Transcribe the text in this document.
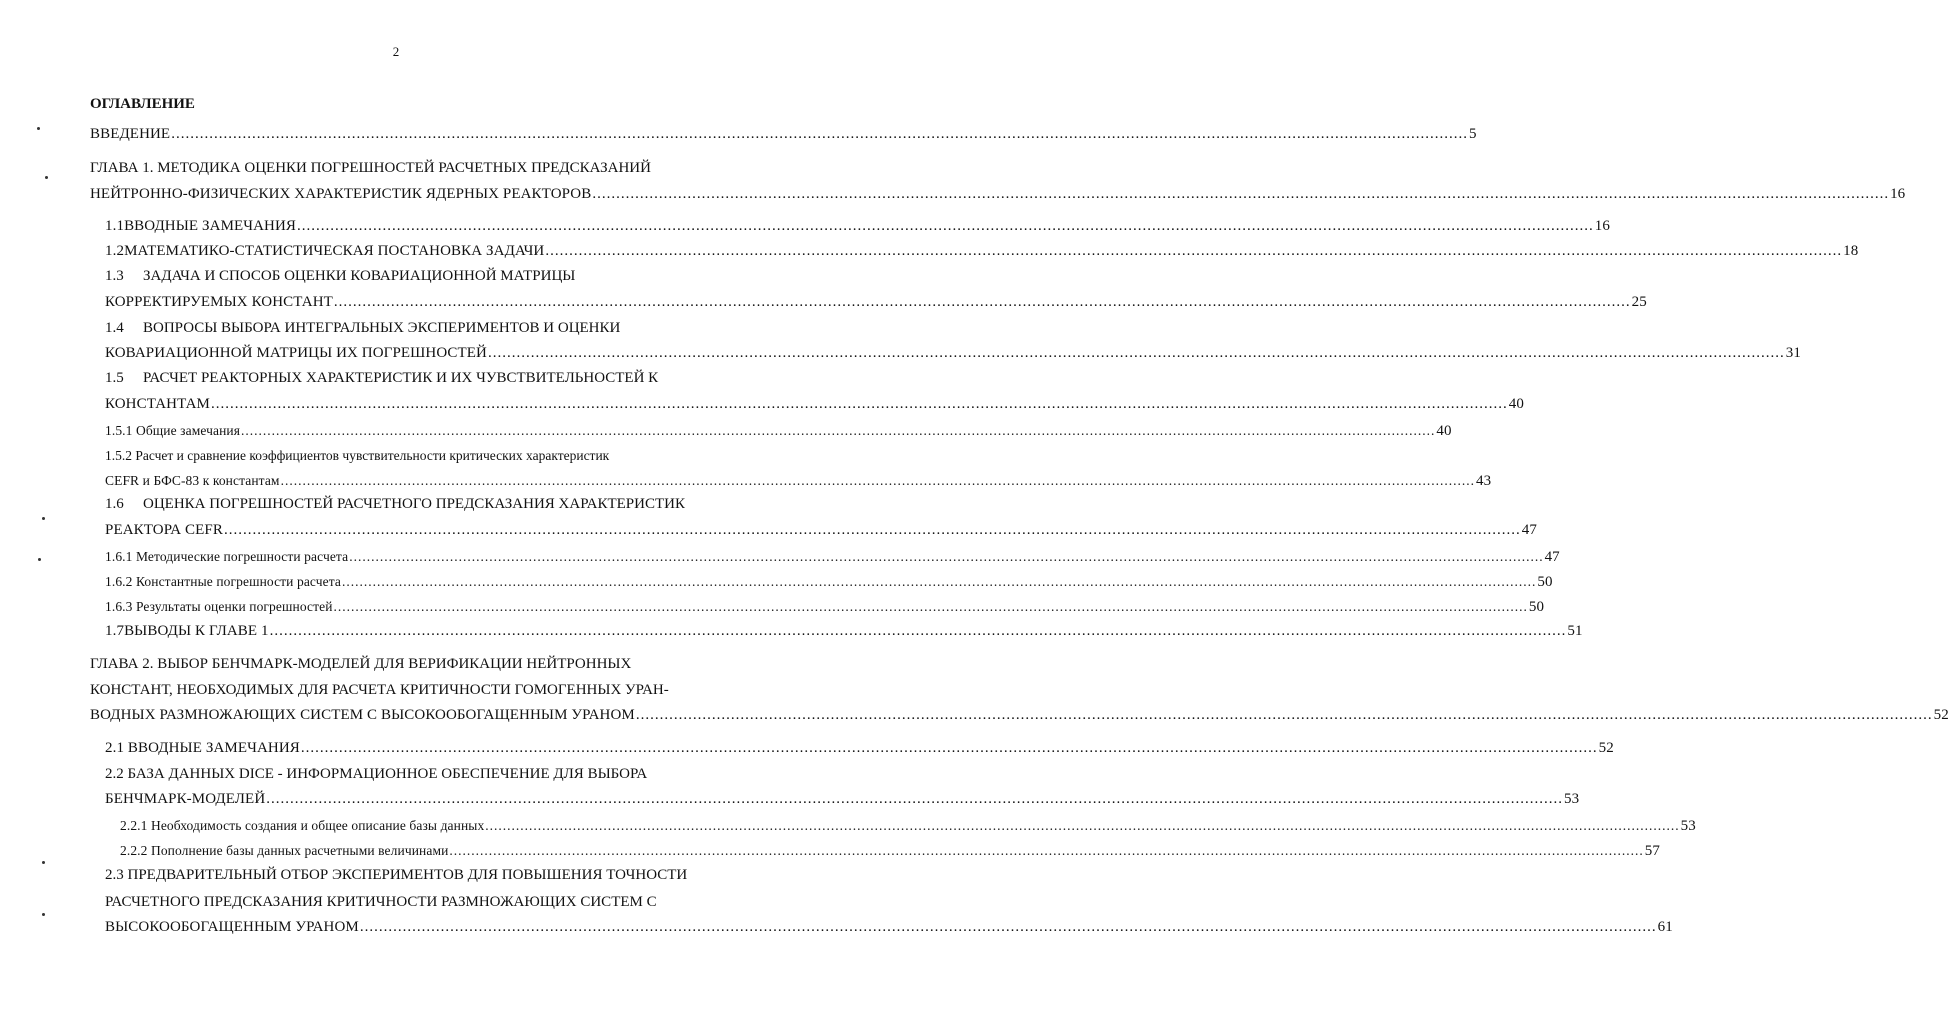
2
ОГЛАВЛЕНИЕ
ВВЕДЕНИЕ .....	5
ГЛАВА 1. МЕТОДИКА ОЦЕНКИ ПОГРЕШНОСТЕЙ РАСЧЕТНЫХ ПРЕДСКАЗАНИЙ
НЕЙТРОННО-ФИЗИЧЕСКИХ ХАРАКТЕРИСТИК ЯДЕРНЫХ РЕАКТОРОВ .....	16
1.1 ВВОДНЫЕ ЗАМЕЧАНИЯ .....	16
1.2 МАТЕМАТИКО-СТАТИСТИЧЕСКАЯ ПОСТАНОВКА ЗАДАЧИ .....	18
1.3 ЗАДАЧА И СПОСОБ ОЦЕНКИ КОВАРИАЦИОННОЙ МАТРИЦЫ
КОРРЕКТИРУЕМЫХ КОНСТАНТ .....	25
1.4 ВОПРОСЫ ВЫБОРА ИНТЕГРАЛЬНЫХ ЭКСПЕРИМЕНТОВ И ОЦЕНКИ
КОВАРИАЦИОННОЙ МАТРИЦЫ ИХ ПОГРЕШНОСТЕЙ .....	31
1.5 РАСЧЕТ РЕАКТОРНЫХ ХАРАКТЕРИСТИК И ИХ ЧУВСТВИТЕЛЬНОСТЕЙ К
КОНСТАНТАМ .....	40
1.5.1 Общие замечания .....	40
1.5.2 Расчет и сравнение коэффициентов чувствительности критических характеристик
CEFR и БФС-83 к константам .....	43
1.6 ОЦЕНКА ПОГРЕШНОСТЕЙ РАСЧЕТНОГО ПРЕДСКАЗАНИЯ ХАРАКТЕРИСТИК
РЕАКТОРА CEFR .....	47
1.6.1 Методические погрешности расчета .....	47
1.6.2 Константные погрешности расчета .....	50
1.6.3 Результаты оценки погрешностей .....	50
1.7 ВЫВОДЫ К ГЛАВЕ 1 .....	51
ГЛАВА 2. ВЫБОР БЕНЧМАРК-МОДЕЛЕЙ ДЛЯ ВЕРИФИКАЦИИ НЕЙТРОННЫХ
КОНСТАНТ, НЕОБХОДИМЫХ ДЛЯ РАСЧЕТА КРИТИЧНОСТИ ГОМОГЕННЫХ УРАН-
ВОДНЫХ РАЗМНОЖАЮЩИХ СИСТЕМ С ВЫСОКООБОГАЩЕННЫМ УРАНОМ .....	52
2.1 ВВОДНЫЕ ЗАМЕЧАНИЯ .....	52
2.2 БАЗА ДАННЫХ DICE - ИНФОРМАЦИОННОЕ ОБЕСПЕЧЕНИЕ ДЛЯ ВЫБОРА
БЕНЧМАРК-МОДЕЛЕЙ .....	53
2.2.1 Необходимость создания и общее описание базы данных .....	53
2.2.2 Пополнение базы данных расчетными величинами .....	57
2.3 ПРЕДВАРИТЕЛЬНЫЙ ОТБОР ЭКСПЕРИМЕНТОВ ДЛЯ ПОВЫШЕНИЯ ТОЧНОСТИ
РАСЧЕТНОГО ПРЕДСКАЗАНИЯ КРИТИЧНОСТИ РАЗМНОЖАЮЩИХ СИСТЕМ С
ВЫСОКООБОГАЩЕННЫМ УРАНОМ .....	61
